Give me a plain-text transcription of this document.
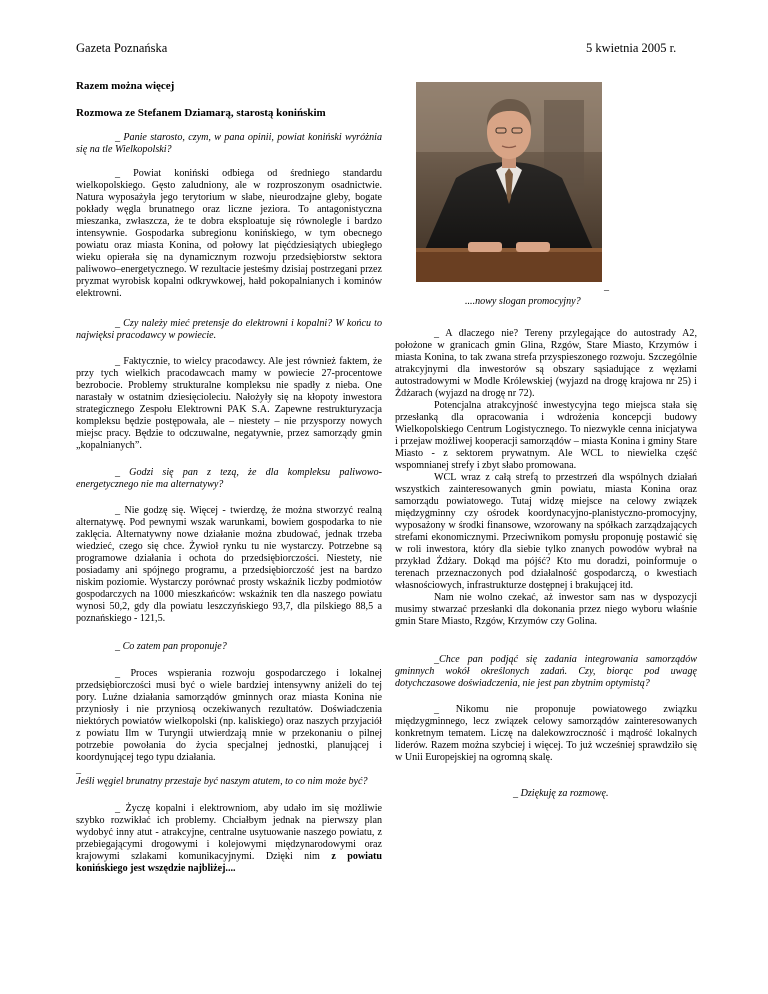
Gazeta Poznańska	5 kwietnia 2005 r.
Razem można więcej
Rozmowa ze Stefanem Dziamarą, starostą konińskim

_ Panie starosto, czym, w pana opinii, powiat koniński wyróżnia się na tle Wielkopolski?

_ Powiat koniński odbiega od średniego standardu wielkopolskiego. Gęsto zaludniony, ale w rozproszonym osadnictwie. Natura wyposażyła jego terytorium w słabe, nieurodzajne gleby, bogate pokłady węgla brunatnego oraz liczne jeziora. To antagonistyczna mieszanka, zwłaszcza, że te dobra eksploatuje się równolegle i bardzo intensywnie. Gospodarka subregionu konińskiego, w tym obecnego powiatu oraz miasta Konina, od połowy lat pięćdziesiątych ubiegłego wieku opierała się na dynamicznym rozwoju przedsiębiorstw sektora paliwowo–energetycznego. W rezultacie jesteśmy dzisiaj postrzegani przez pryzmat wyrobisk kopalni odkrywkowej, hałd pokopalnianych i kominów elektrowni.

_ Czy należy mieć pretensje do elektrowni i kopalni? W końcu to najwięksi pracodawcy w powiecie.

_ Faktycznie, to wielcy pracodawcy. Ale jest również faktem, że przy tych wielkich pracodawcach mamy w powiecie 27-procentowe bezrobocie. Problemy strukturalne kompleksu nie spadły z nieba. One narastały w ostatnim dziesięcioleciu. Nałożyły się na kłopoty inwestora strategicznego Zespołu Elektrowni PAK S.A. Zapewne restrukturyzacja kompleksu będzie postępowała, ale – niestety – nie przysporzy nowych miejsc pracy. Będzie to odczuwalne, negatywnie, przez samorządy gmin „kopalnianych”.

_ Godzi się pan z tezą, że dla kompleksu paliwowo-energetycznego nie ma alternatywy?

_ Nie godzę się. Więcej - twierdzę, że można stworzyć realną alternatywę. Pod pewnymi wszak warunkami, bowiem gospodarka to nie zaklęcia. Alternatywny nowe działanie można zbudować, jednak trzeba wiedzieć, czego się chce. Żywioł rynku tu nie wystarczy. Potrzebne są programowe działania i ochota do przedsiębiorczości. Niestety, nie posiadamy ani spójnego programu, a przedsiębiorczość jest na bardzo niskim poziomie. Wystarczy porównać prosty wskaźnik liczby podmiotów gospodarczych na 1000 mieszkańców: wskaźnik ten dla naszego powiatu wynosi 50,2, gdy dla powiatu leszczyńskiego 93,7, dla pilskiego 88,5 a poznańskiego - 121,5.

_ Co zatem pan proponuje?

_ Proces wspierania rozwoju gospodarczego i lokalnej przedsiębiorczości musi być o wiele bardziej intensywny aniżeli do tej pory. Luźne działania samorządów gminnych oraz miasta Konina nie przyniosły i nie przyniosą oczekiwanych rezultatów. Doświadczenia niektórych powiatów wielkopolski (np. kaliskiego) oraz naszych przyjaciół z powiatu Ilm w Turyngii utwierdzają mnie w przekonaniu o pilnej potrzebie powołania do życia specjalnej jednostki, planującej i koordynującej tego typu działania.

_

Jeśli węgiel brunatny przestaje być naszym atutem, to co nim może być?

_ Życzę kopalni i elektrowniom, aby udało im się możliwie szybko rozwikłać ich problemy. Chciałbym jednak na pierwszy plan wydobyć inny atut - atrakcyjne, centralne usytuowanie naszego powiatu, z przebiegającymi drogowymi i kolejowymi międzynarodowymi oraz krajowymi szlakami komunikacyjnymi. Dzięki nim z powiatu konińskiego jest wszędzie najbliżej....

_

....nowy slogan promocyjny?

_ A dlaczego nie? Tereny przylegające do autostrady A2, położone w granicach gmin Glina, Rzgów, Stare Miasto, Krzymów i miasta Konina, to tak zwana strefa przyspieszonego rozwoju. Szczególnie atrakcyjnymi dla inwestorów są obszary sąsiadujące z węzłami autostradowymi w Modle Królewskiej (wyjazd na drogę krajowa nr 25) i Żdżarach (wyjazd na drogę nr 72).

Potencjalna atrakcyjność inwestycyjna tego miejsca stała się przesłanką dla opracowania i wdrożenia koncepcji budowy Wielkopolskiego Centrum Logistycznego. To niezwykle cenna inicjatywa i przejaw możliwej kooperacji samorządów – miasta Konina i gminy Stare Miasto - z sektorem prywatnym. Ale WCL to niewielka część wspomnianej strefy i zbyt słabo promowana.

WCL wraz z całą strefą to przestrzeń dla wspólnych działań wszystkich zainteresowanych gmin powiatu, miasta Konina oraz samorządu powiatowego. Tutaj widzę miejsce na celowy związek międzygminny czy ośrodek koordynacyjno-planistyczno-promocyjny, wyposażony w środki finansowe, wzorowany na spółkach zarządzających strefami ekonomicznymi. Przeciwnikom pomysłu proponuję postawić się w roli inwestora, który dla siebie tylko znanych powodów wybrał na przykład Żdżary. Dokąd ma pójść? Kto mu doradzi, poinformuje o terenach przeznaczonych pod działalność gospodarczą, o kwestiach własnościowych, infrastrukturze dostępnej i brakującej itd.

Nam nie wolno czekać, aż inwestor sam nas w dyspozycji musimy stwarzać przesłanki dla dokonania przez niego wyboru właśnie gmin Stare Miasto, Rzgów, Krzymów czy Golina.

_Chce pan podjąć się zadania integrowania samorządów gminnych wokół określonych zadań. Czy, biorąc pod uwagę dotychczasowe doświadczenia, nie jest pan zbytnim optymistą?

_ Nikomu nie proponuje powiatowego związku międzygminnego, lecz związek celowy samorządów zainteresowanych konkretnym tematem. Liczę na dalekowzroczność i mądrość lokalnych liderów. Razem można szybciej i więcej. To już wcześniej sprawdziło się w Unii Europejskiej na ogromną skalę.

_ Dziękuję za rozmowę.
